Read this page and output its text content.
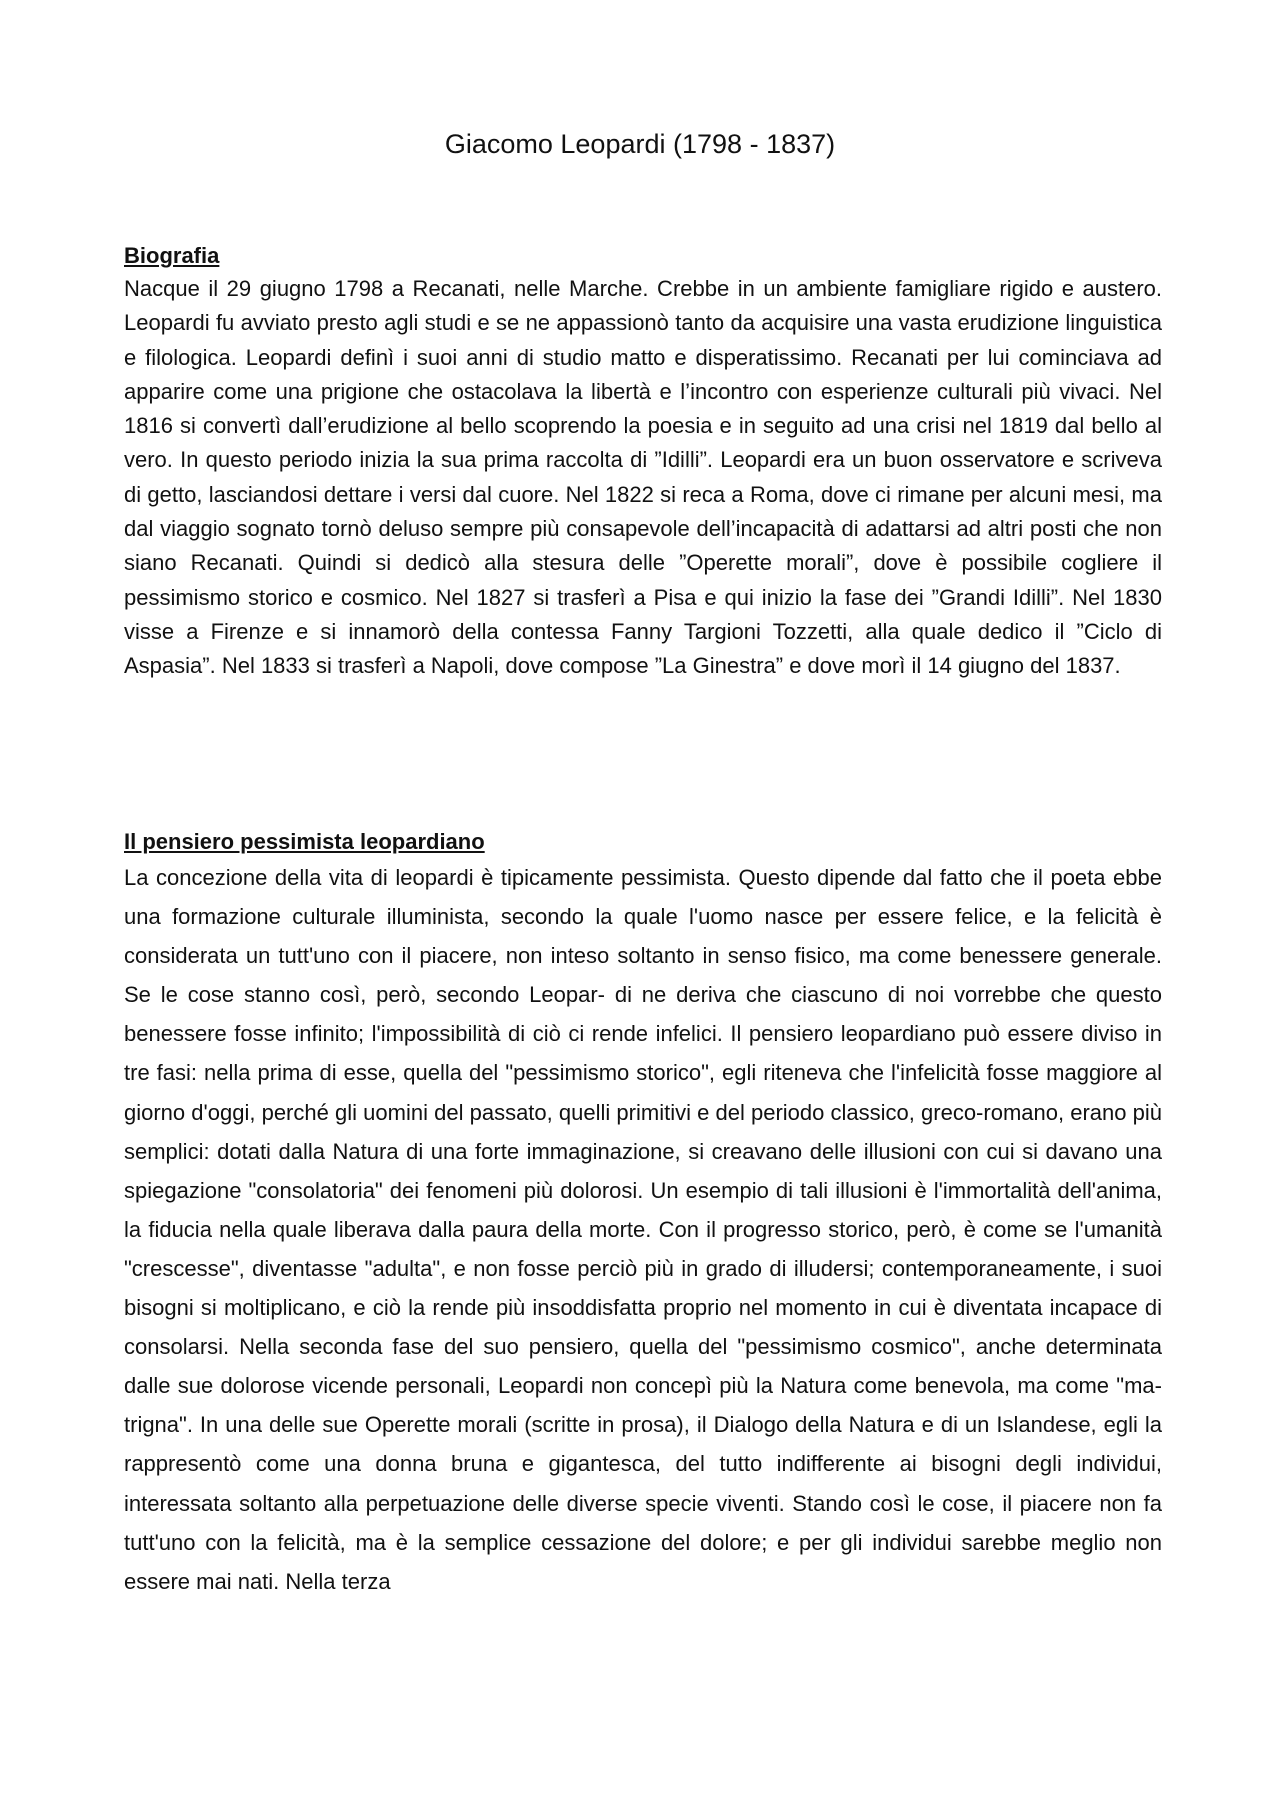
Giacomo Leopardi (1798 - 1837)
Biografia

Nacque il 29 giugno 1798 a Recanati, nelle Marche. Crebbe in un ambiente famigliare rigido e austero. Leopardi fu avviato presto agli studi e se ne appassionò tanto da acquisire una vasta erudizione linguistica e filologica. Leopardi definì i suoi anni di studio matto e disperatissimo. Recanati per lui cominciava ad apparire come una prigione che ostacolava la libertà e l’incontro con esperienze culturali più vivaci. Nel 1816 si convertì dall’erudizione al bello scoprendo la poesia e in seguito ad una crisi nel 1819 dal bello al vero. In questo periodo inizia la sua prima raccolta di ”Idilli”. Leopardi era un buon osservatore e scriveva di getto, lasciandosi dettare i versi dal cuore. Nel 1822 si reca a Roma, dove ci rimane per alcuni mesi, ma dal viaggio sognato tornò deluso sempre più consapevole dell’incapacità di adattarsi ad altri posti che non siano Recanati. Quindi si dedicò alla stesura delle ”Operette morali”, dove è possibile cogliere il pessimismo storico e cosmico. Nel 1827 si trasferì a Pisa e qui inizio la fase dei ”Grandi Idilli”. Nel 1830 visse a Firenze e si innamorò della contessa Fanny Targioni Tozzetti, alla quale dedico il ”Ciclo di Aspasia”. Nel 1833 si trasferì a Napoli, dove compose ”La Ginestra” e dove morì il 14 giugno del 1837.

Il pensiero pessimista leopardiano

La concezione della vita di leopardi è tipicamente pessimista. Questo dipende dal fatto che il poeta ebbe una formazione culturale illuminista, secondo la quale l'uomo nasce per essere felice, e la felicità è considerata un tutt'uno con il piacere, non inteso soltanto in senso fisico, ma come benessere generale. Se le cose stanno così, però, secondo Leopar- di ne deriva che ciascuno di noi vorrebbe che questo benessere fosse infinito; l'impossibilità di ciò ci rende infelici. Il pensiero leopardiano può essere diviso in tre fasi: nella prima di esse, quella del "pessimismo storico", egli riteneva che l'infelicità fosse maggiore al giorno d'oggi, perché gli uomini del passato, quelli primitivi e del periodo classico, greco-romano, erano più semplici: dotati dalla Natura di una forte immaginazione, si creavano delle illusioni con cui si davano una spiegazione "consolatoria" dei fenomeni più dolorosi. Un esempio di tali illusioni è l'immortalità dell'anima, la fiducia nella quale liberava dalla paura della morte. Con il progresso storico, però, è come se l'umanità "crescesse", diventasse "adulta", e non fosse perciò più in grado di illudersi; contemporaneamente, i suoi bisogni si moltiplicano, e ciò la rende più insoddisfatta proprio nel momento in cui è diventata incapace di consolarsi. Nella seconda fase del suo pensiero, quella del "pessimismo cosmico", anche determinata dalle sue dolorose vicende personali, Leopardi non concepì più la Natura come benevola, ma come "ma- trigna". In una delle sue Operette morali (scritte in prosa), il Dialogo della Natura e di un Islandese, egli la rappresentò come una donna bruna e gigantesca, del tutto indifferente ai bisogni degli individui, interessata soltanto alla perpetuazione delle diverse specie viventi. Stando così le cose, il piacere non fa tutt'uno con la felicità, ma è la semplice cessazione del dolore; e per gli individui sarebbe meglio non essere mai nati. Nella terza
